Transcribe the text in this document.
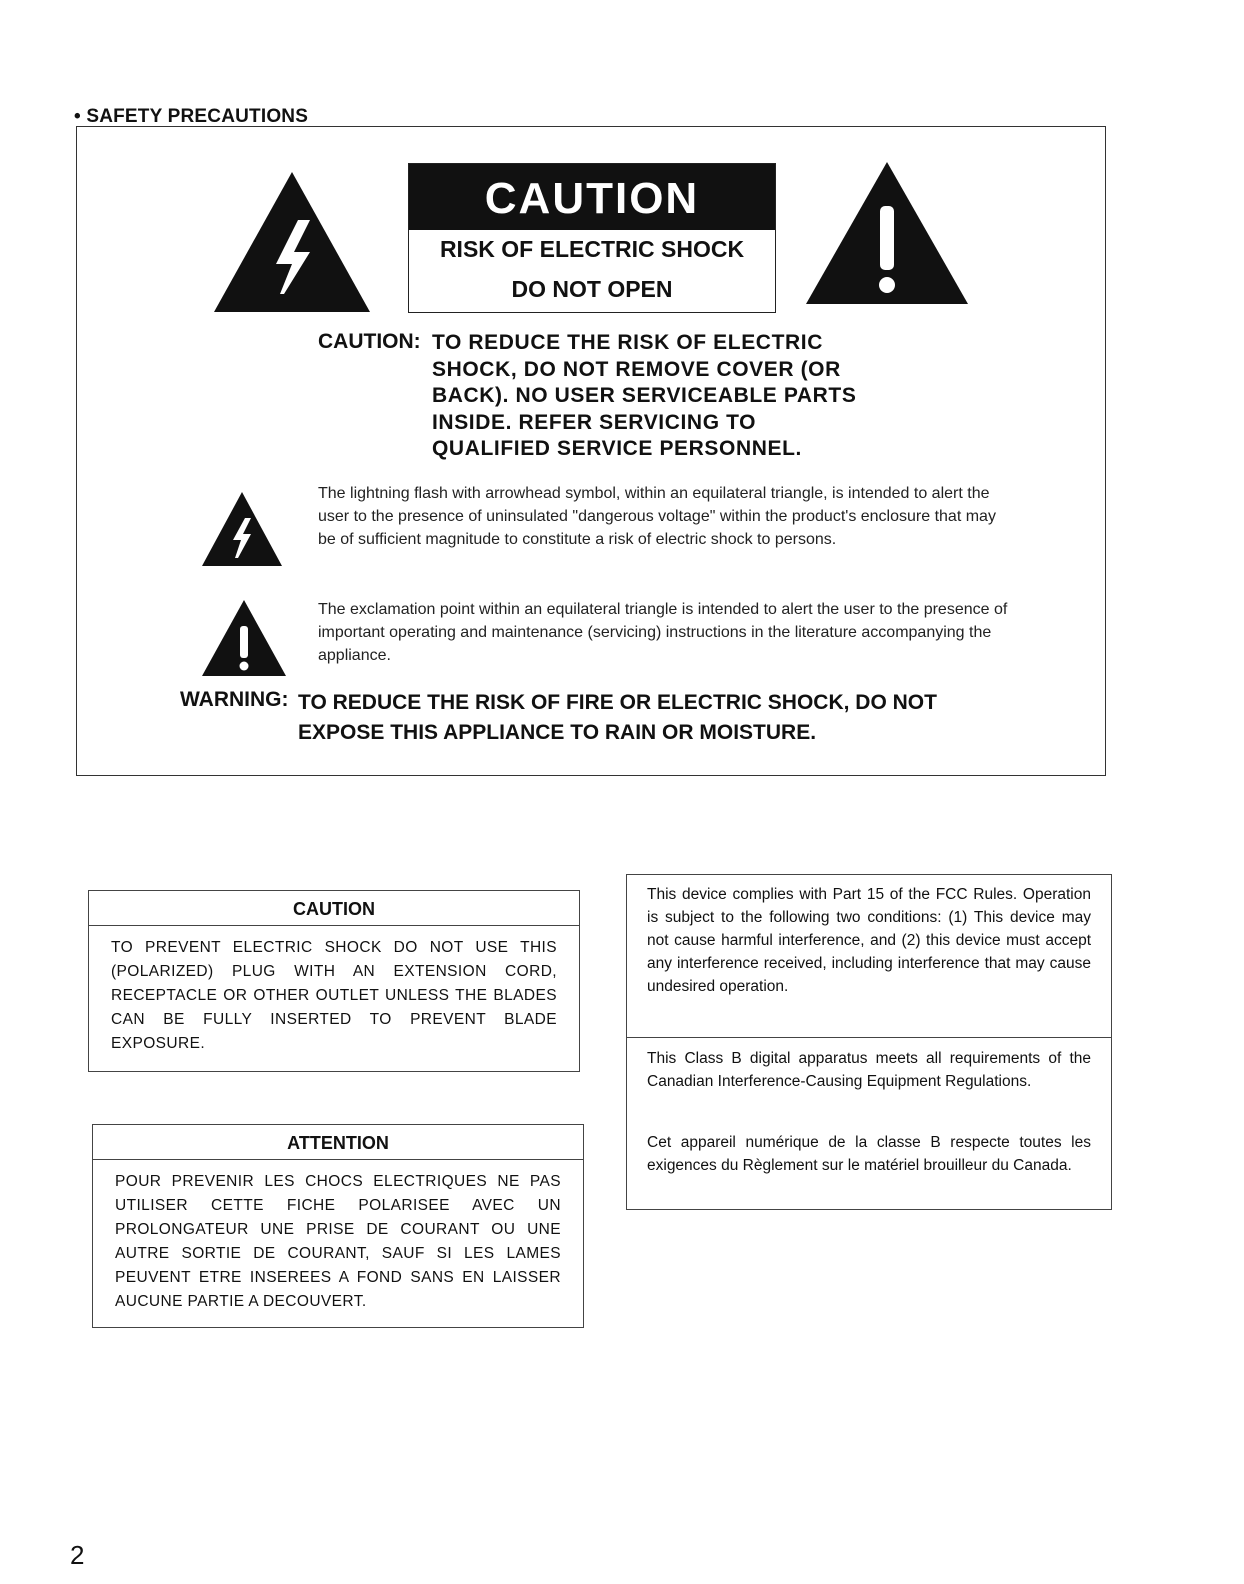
• SAFETY PRECAUTIONS
CAUTION
RISK OF ELECTRIC SHOCK
DO NOT OPEN
CAUTION: TO REDUCE THE RISK OF ELECTRIC SHOCK, DO NOT REMOVE COVER (OR BACK). NO USER SERVICEABLE PARTS INSIDE. REFER SERVICING TO QUALIFIED SERVICE PERSONNEL.
The lightning flash with arrowhead symbol, within an equilateral triangle, is intended to alert the user to the presence of uninsulated "dangerous voltage" within the product's enclosure that may be of sufficient magnitude to constitute a risk of electric shock to persons.
The exclamation point within an equilateral triangle is intended to alert the user to the presence of important operating and maintenance (servicing) instructions in the literature accompanying the appliance.
WARNING: TO REDUCE THE RISK OF FIRE OR ELECTRIC SHOCK, DO NOT EXPOSE THIS APPLIANCE TO RAIN OR MOISTURE.
CAUTION
TO PREVENT ELECTRIC SHOCK DO NOT USE THIS (POLARIZED) PLUG WITH AN EXTENSION CORD, RECEPTACLE OR OTHER OUTLET UNLESS THE BLADES CAN BE FULLY INSERTED TO PREVENT BLADE EXPOSURE.
ATTENTION
POUR PREVENIR LES CHOCS ELECTRIQUES NE PAS UTILISER CETTE FICHE POLARISEE AVEC UN PROLONGATEUR UNE PRISE DE COURANT OU UNE AUTRE SORTIE DE COURANT, SAUF SI LES LAMES PEUVENT ETRE INSEREES A FOND SANS EN LAISSER AUCUNE PARTIE A DECOUVERT.
This device complies with Part 15 of the FCC Rules. Operation is subject to the following two conditions: (1) This device may not cause harmful interference, and (2) this device must accept any interference received, including interference that may cause undesired operation.
This Class B digital apparatus meets all requirements of the Canadian Interference-Causing Equipment Regulations.
Cet appareil numérique de la classe B respecte toutes les exigences du Règlement sur le matériel brouilleur du Canada.
2
